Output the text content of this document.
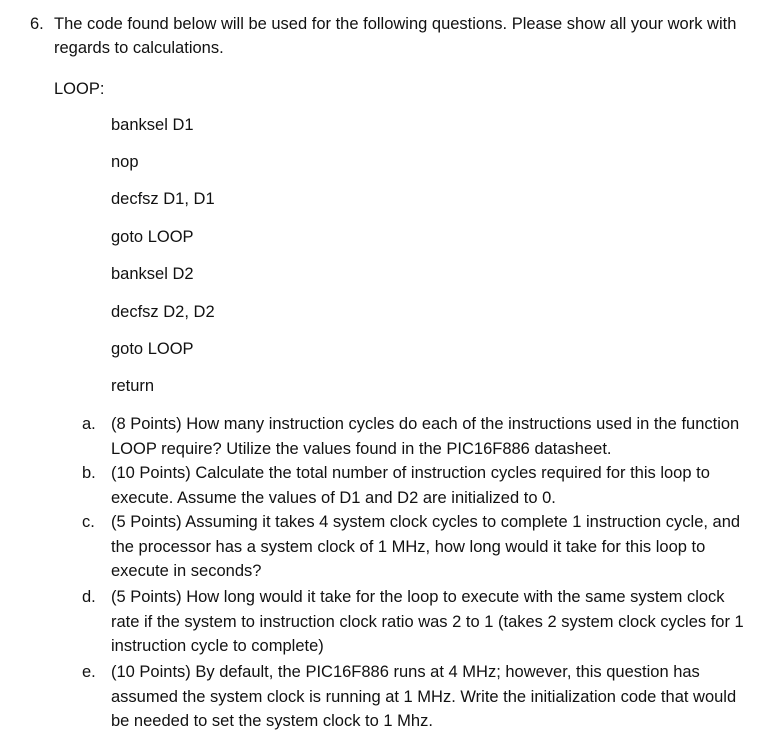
6. The code found below will be used for the following questions. Please show all your work with regards to calculations.
LOOP:
banksel D1
nop
decfsz D1, D1
goto LOOP
banksel D2
decfsz D2, D2
goto LOOP
return
a. (8 Points) How many instruction cycles do each of the instructions used in the function LOOP require? Utilize the values found in the PIC16F886 datasheet.
b. (10 Points) Calculate the total number of instruction cycles required for this loop to execute. Assume the values of D1 and D2 are initialized to 0.
c. (5 Points) Assuming it takes 4 system clock cycles to complete 1 instruction cycle, and the processor has a system clock of 1 MHz, how long would it take for this loop to execute in seconds?
d. (5 Points) How long would it take for the loop to execute with the same system clock rate if the system to instruction clock ratio was 2 to 1 (takes 2 system clock cycles for 1 instruction cycle to complete)
e. (10 Points) By default, the PIC16F886 runs at 4 MHz; however, this question has assumed the system clock is running at 1 MHz. Write the initialization code that would be needed to set the system clock to 1 Mhz.
